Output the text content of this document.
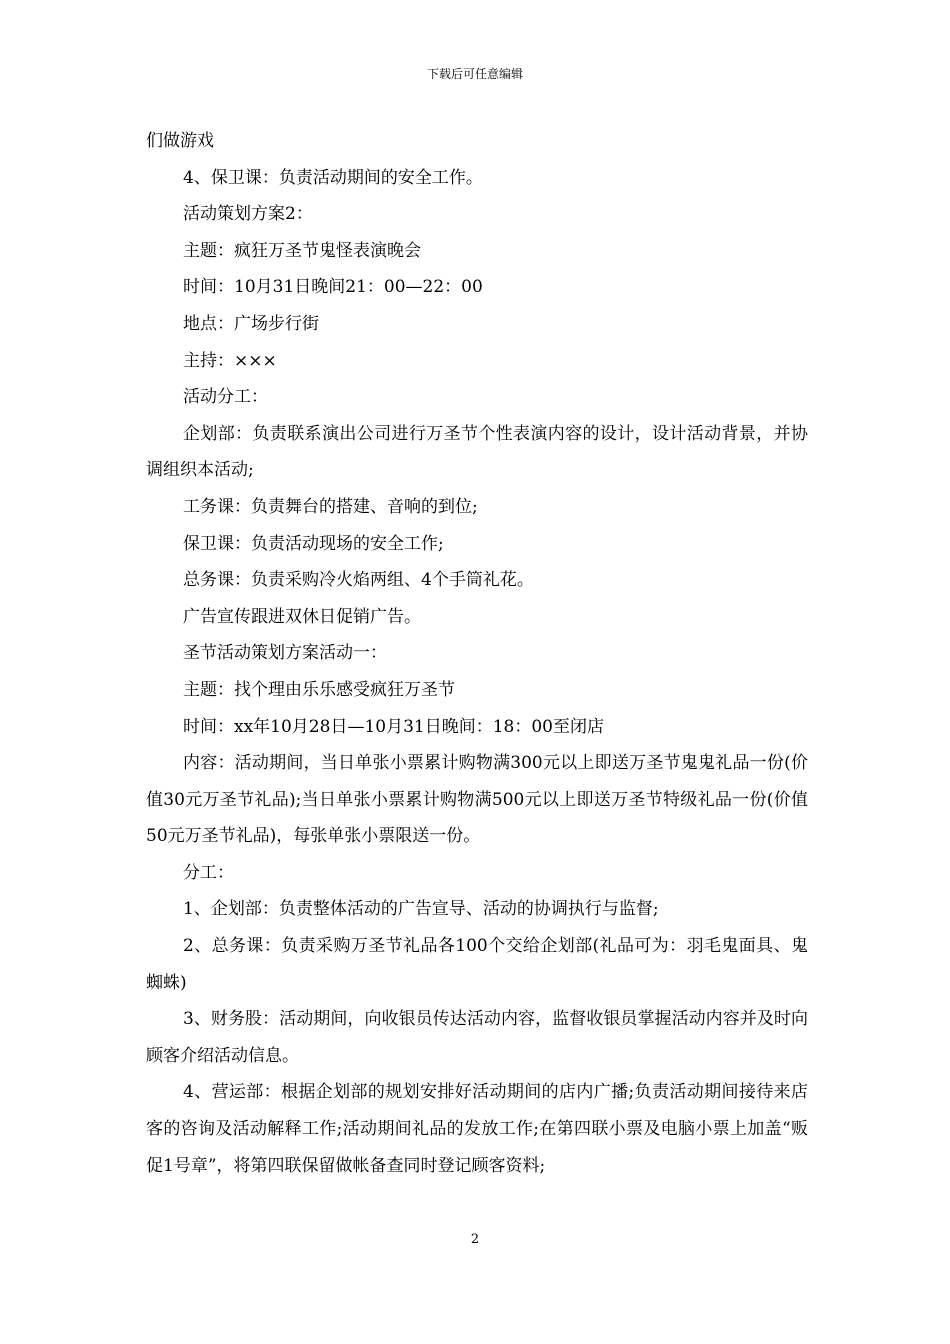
下载后可任意编辑

们做游戏

4、保卫课：负责活动期间的安全工作。

活动策划方案2：

主题：疯狂万圣节鬼怪表演晚会

时间：10月31日晚间21：00—22：00

地点：广场步行街

主持：×××

活动分工：

企划部：负责联系演出公司进行万圣节个性表演内容的设计，设计活动背景，并协调组织本活动;

工务课：负责舞台的搭建、音响的到位;

保卫课：负责活动现场的安全工作;

总务课：负责采购冷火焰两组、4个手筒礼花。

广告宣传跟进双休日促销广告。

圣节活动策划方案活动一：

主题：找个理由乐乐感受疯狂万圣节

时间：xx年10月28日—10月31日晚间：18：00至闭店

内容：活动期间，当日单张小票累计购物满300元以上即送万圣节鬼鬼礼品一份(价值30元万圣节礼品);当日单张小票累计购物满500元以上即送万圣节特级礼品一份(价值50元万圣节礼品)，每张单张小票限送一份。

分工：

1、企划部：负责整体活动的广告宣导、活动的协调执行与监督;

2、总务课：负责采购万圣节礼品各100个交给企划部(礼品可为：羽毛鬼面具、鬼蜘蛛)

3、财务股：活动期间，向收银员传达活动内容，监督收银员掌握活动内容并及时向顾客介绍活动信息。

4、营运部：根据企划部的规划安排好活动期间的店内广播;负责活动期间接待来店客的咨询及活动解释工作;活动期间礼品的发放工作;在第四联小票及电脑小票上加盖“贩促1号章”，将第四联保留做帐备查同时登记顾客资料;

2
